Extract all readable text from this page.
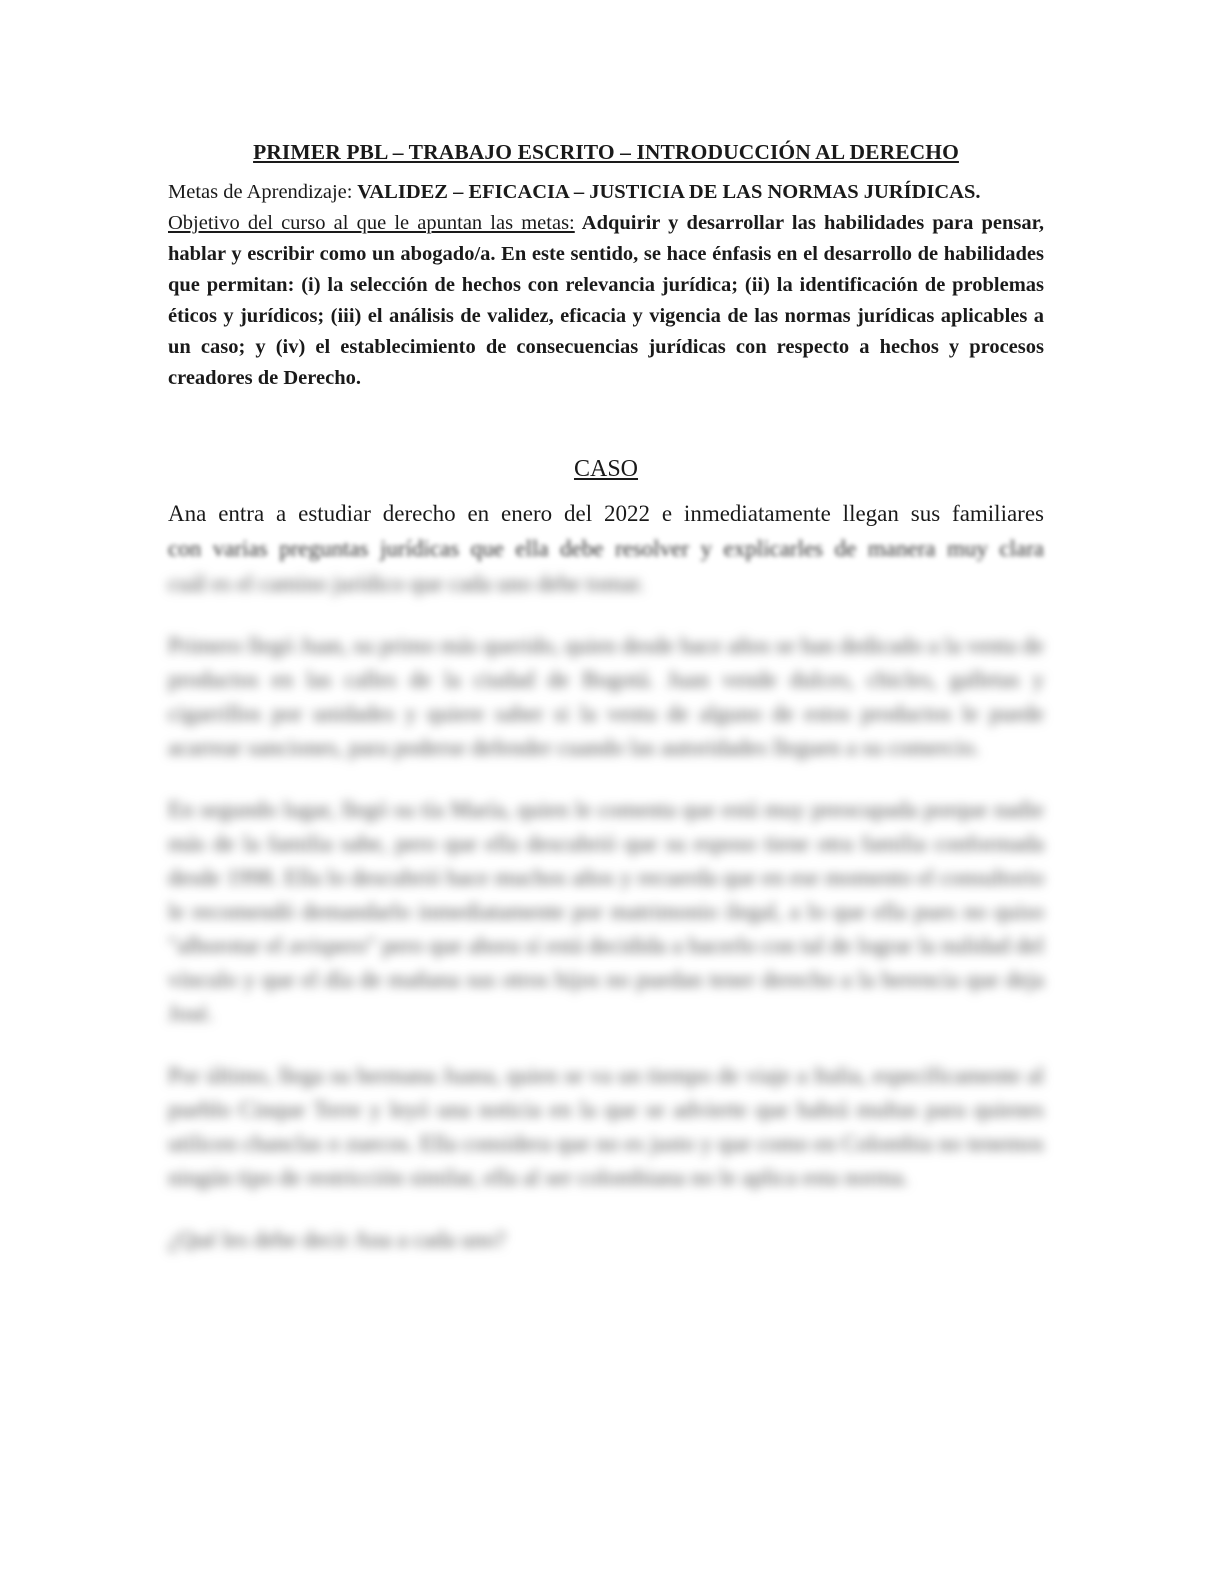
PRIMER PBL – TRABAJO ESCRITO – INTRODUCCIÓN AL DERECHO

Metas de Aprendizaje: VALIDEZ – EFICACIA – JUSTICIA DE LAS NORMAS JURÍDICAS.

Objetivo del curso al que le apuntan las metas: Adquirir y desarrollar las habilidades para pensar, hablar y escribir como un abogado/a. En este sentido, se hace énfasis en el desarrollo de habilidades que permitan: (i) la selección de hechos con relevancia jurídica; (ii) la identificación de problemas éticos y jurídicos; (iii) el análisis de validez, eficacia y vigencia de las normas jurídicas aplicables a un caso; y (iv) el establecimiento de consecuencias jurídicas con respecto a hechos y procesos creadores de Derecho.

CASO

Ana entra a estudiar derecho en enero del 2022 e inmediatamente llegan sus familiares
con varias preguntas jurídicas que ella debe resolver y explicarles de manera muy clara
cuál es el camino jurídico que cada uno debe tomar.

Primero llegó Juan, su primo más querido, quien desde hace años se han dedicado a la venta de productos en las calles de la ciudad de Bogotá. Juan vende dulces, chicles, galletas y cigarrillos por unidades y quiere saber si la venta de alguno de estos productos le puede acarrear sanciones, para poderse defender cuando las autoridades lleguen a su comercio.

En segundo lugar, llegó su tía María, quien le comenta que está muy preocupada porque nadie más de la familia sabe, pero que ella descubrió que su esposo tiene otra familia conformada desde 1998. Ella lo descubrió hace muchos años y recuerda que en ese momento el consultorio le recomendó demandarlo inmediatamente por matrimonio ilegal, a lo que ella pues no quiso "alborotar el avispero" pero que ahora sí está decidida a hacerlo con tal de lograr la nulidad del vínculo y que el día de mañana sus otros hijos no puedan tener derecho a la herencia que deja José.

Por último, llega su hermana Juana, quien se va un tiempo de viaje a Italia, específicamente al pueblo Cinque Terre y leyó una noticia en la que se advierte que habrá multas para quienes utilicen chanclas o zuecos. Ella considera que no es justo y que como en Colombia no tenemos ningún tipo de restricción similar, ella al ser colombiana no le aplica esta norma.

¿Qué les debe decir Ana a cada uno?
